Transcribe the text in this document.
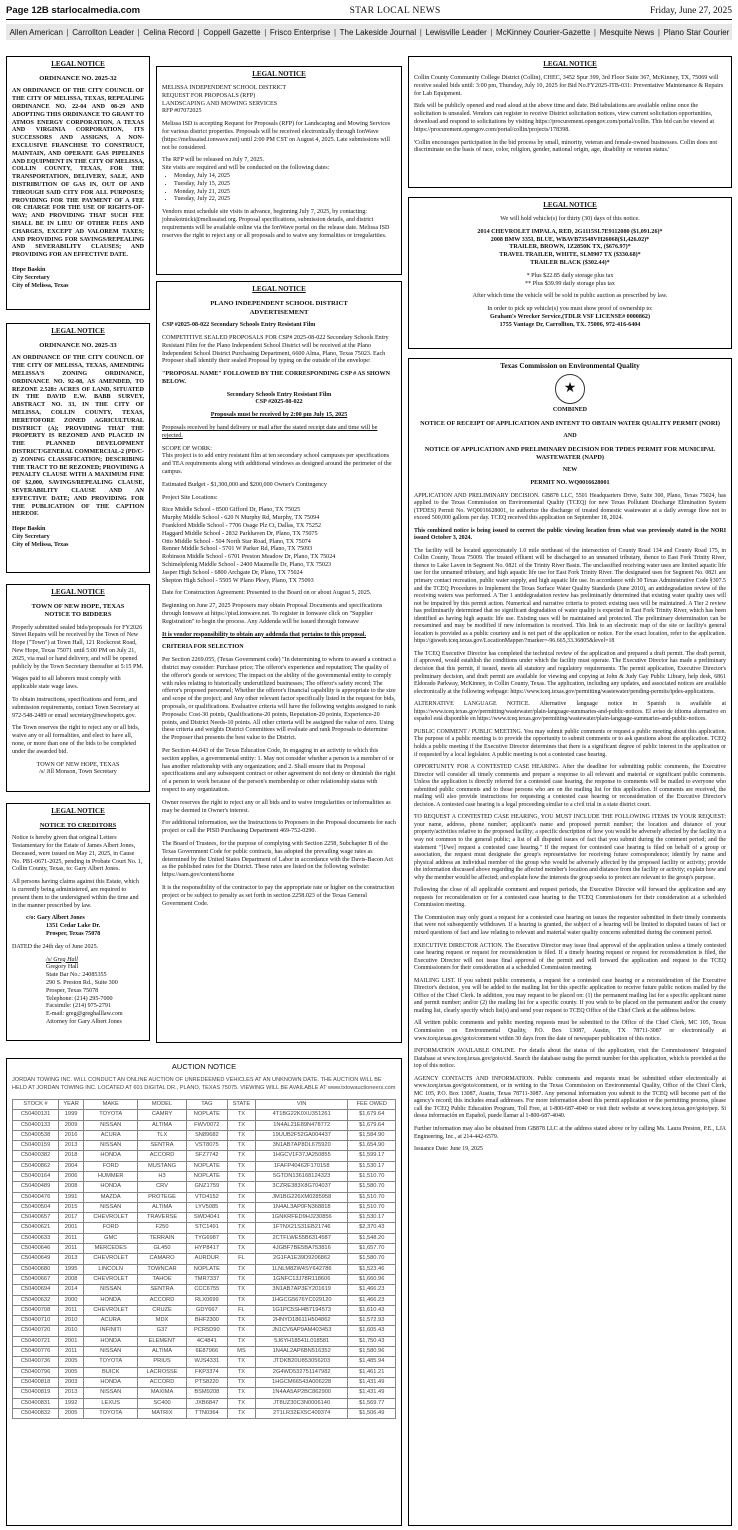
Page 12B starlocalmedia.com	STAR LOCAL NEWS	Friday, June 27, 2025
Allen American | Carrollton Leader | Celina Record | Coppell Gazette | Frisco Enterprise | The Lakeside Journal | Lewisville Leader | McKinney Courier-Gazette | Mesquite News | Plano Star Courier
LEGAL NOTICE
ORDINANCE NO. 2025-32
AN ORDINANCE OF THE CITY COUNCIL OF THE CITY OF MELISSA, TEXAS, REPEALING ORDINANCE NO. 22-04 AND 08-29 AND ADOPTING THIS ORDINANCE TO GRANT TO ATMOS ENERGY CORPORATION, A TEXAS AND VIRGINIA CORPORATION, ITS SUCCESSORS AND ASSIGNS, A NON-EXCLUSIVE FRANCHISE TO CONSTRUCT, MAINTAIN, AND OPERATE GAS PIPELINES AND EQUIPMENT IN THE CITY OF MELISSA, COLLIN COUNTY, TEXAS, FOR THE TRANSPORTATION, DELIVERY, SALE, AND DISTRIBUTION OF GAS IN, OUT OF AND THROUGH SAID CITY FOR ALL PURPOSES; PROVIDING FOR THE PAYMENT OF A FEE OR CHARGE FOR THE USE OF RIGHTS-OF-WAY; AND PROVIDING THAT SUCH FEE SHALL BE IN LIEU OF OTHER FEES AND CHARGES, EXCEPT AD VALOREM TAXES; AND PROVIDING FOR SAVINGS/REPEALING AND SEVERABILITY CLAUSES; AND PROVIDING FOR AN EFFECTIVE DATE.
Hope Baskin
City Secretary
City of Melissa, Texas
LEGAL NOTICE
ORDINANCE NO. 2025-33
AN ORDINANCE OF THE CITY COUNCIL OF THE CITY OF MELISSA, TEXAS, AMENDING MELISSA'S ZONING ORDINANCE, ORDINANCE NO. 92-08, AS AMENDED, TO REZONE 2.528± ACRES OF LAND, SITUATED IN THE DAVID E.W. BABB SURVEY, ABSTRACT NO. 33, IN THE CITY OF MELISSA, COLLIN COUNTY, TEXAS, HERETOFORE ZONED AGRICULTURAL DISTRICT (A); PROVIDING THAT THE PROPERTY IS REZONED AND PLACED IN THE PLANNED DEVELOPMENT DISTRICT/GENERAL COMMERCIAL-2 (PD/C-2) ZONING CLASSIFICATION; DESCRIBING THE TRACT TO BE REZONED; PROVIDING A PENALTY CLAUSE WITH A MAXIMUM FINE OF $2,000, SAVINGS/REPEALING CLAUSE, SEVERABILITY CLAUSE AND AN EFFECTIVE DATE; AND PROVIDING FOR THE PUBLICATION OF THE CAPTION HEREOF.
Hope Baskin
City Secretary
City of Melissa, Texas
LEGAL NOTICE
TOWN OF NEW HOPE, TEXAS
NOTICE TO BIDDERS
Properly submitted sealed bids/proposals for FY2026 Street Repairs will be received by the Town of New Hope ("Town") at Town Hall, 121 Rockcrest Road, New Hope, Texas 75071 until 5:00 PM on July 21, 2025, via mail or hand delivery, and will be opened publicly by the Town Secretary thereafter at 5:15 PM.
Wages paid to all laborers must comply with applicable state wage laws.
To obtain instructions, specifications and form, and submission requirements, contact Town Secretary at 972-548-2489 or email secretary@newhopetx.gov.
The Town reserves the right to reject any or all bids, waive any or all formalities, and elect to have all, none, or more than one of the bids to be completed under the awarded bid.
TOWN OF NEW HOPE, TEXAS
/s/ Jill Monson, Town Secretary
LEGAL NOTICE
NOTICE TO CREDITORS
Notice is hereby given that original Letters Testamentary for the Estate of James Albert Jones, Deceased, were issued on May 21, 2025, in Cause No. PB1-0671-2025, pending in Probate Court No. 1, Collin County, Texas, to: Gary Albert Jones.
All persons having claims against this Estate, which is currently being administered, are required to present them to the undersigned within the time and in the manner prescribed by law.
c/o: Gary Albert Jones
1351 Cedar Lake Dr.
Prosper, Texas 75078
DATED the 24th day of June 2025.
/s/ Greg Hall
Gregory Hall
State Bar No.: 24085355
290 S. Preston Rd., Suite 300
Prosper, Texas 75078
Telephone: (214) 295-7000
Facsimile: (214) 975-2791
E-mail: greg@greghalllaw.com
Attorney for Gary Albert Jones
LEGAL NOTICE
MELISSA INDEPENDENT SCHOOL DISTRICT
REQUEST FOR PROPOSALS (RFP)
LANDSCAPING AND MOWING SERVICES
RFP #07072025
Melissa ISD is accepting Request for Proposals (RFP) for Landscaping and Mowing Services for various district properties. Proposals will be received electronically through IonWave (https://melissaisd.ionwave.net) until 2:00 PM CST on August 4, 2025. Late submissions will not be considered.
The RFP will be released on July 7, 2025.
Site visits are required and will be conducted on the following dates:
• Monday, July 14, 2025
• Tuesday, July 15, 2025
• Monday, July 21, 2025
• Tuesday, July 22, 2025
Vendors must schedule site visits in advance, beginning July 7, 2025, by contacting: johnskotnicki@melissaisd.org. Proposal specifications, submission details, and district requirements will be available online via the IonWave portal on the release date. Melissa ISD reserves the right to reject any or all proposals and to waive any formalities or irregularities.
LEGAL NOTICE
PLANO INDEPENDENT SCHOOL DISTRICT
ADVERTISEMENT
CSP #2025-08-022 Secondary Schools Entry Resistant Film
COMPETITIVE SEALED PROPOSALS FOR CSP# 2025-08-022 Secondary Schools Entry Resistant Film for the Plano Independent School District will be received at the Plano Independent School District Purchasing Department, 6600 Alma, Plano, Texas 75023. Each Proposer shall identify their sealed Proposal by typing on the outside of the envelope:
"PROPOSAL NAME" FOLLOWED BY THE CORRESPONDING CSP # AS SHOWN BELOW.
Secondary Schools Entry Resistant Film
CSP #2025-08-022
Proposals must be received by 2:00 pm July 15, 2025
Proposals received by hand delivery or mail after the stated receipt date and time will be rejected.
SCOPE OF WORK:
This project is to add entry resistant film at ten secondary school campuses per specifications and TEA requirements along with additional windows as designed around the perimeter of the campus.
Estimated Budget - $1,300,000 and $200,000 Owner's Contingency
Project Site Locations:
Rice Middle School - 8500 Gifford Dr, Plano, TX 75025
Murphy Middle School - 620 N Murphy Rd, Murphy, TX 75094
Frankford Middle School - 7706 Osage Plz Ct, Dallas, TX 75252
Haggard Middle School - 2832 Parkhaven Dr, Plano, TX 75075
Otto Middle School - 504 North Star Road, Plano, TX 75074
Renner Middle School - 5701 W Parker Rd, Plano, TX 75093
Robinson Middle School - 6701 Preston Meadow Dr, Plano, TX 75024
Schimelpfenig Middle School - 2400 Maumelle Dr, Plano, TX 75023
Jasper High School - 6800 Archgate Dr, Plano, TX 75024
Shepton High School - 5505 W Plano Pkwy, Plano, TX 75093
Date for Construction Agreement: Presented to the Board on or about August 5, 2025.
Beginning on June 27, 2025 Proposers may obtain Proposal Documents and specifications through Ionwave at https://pisd.ionwave.net. To register in Ionwave click on "Supplier Registration" to begin the process. Any Addenda will be issued through Ionwave
It is vendor responsibility to obtain any addenda that pertains to this proposal.
CRITERIA FOR SELECTION
Per Section 2269.055, (Texas Government code) "In determining to whom to award a contract a district may consider: Purchase price; The offeror's experience and reputation; The quality of the offeror's goods or services; The impact on the ability of the governmental entity to comply with rules relating to historically underutilized businesses; The offeror's safety record; The offeror's proposed personnel; Whether the offeror's financial capability is appropriate to the size and scope of the project; and Any other relevant factor specifically listed in the request for bids, proposals, or qualifications. Evaluative criteria will have the following weights assigned to rank Proposals: Cost-30 points, Qualifications-20 points, Reputation-20 points, Experience-20 points, and District Needs-10 points. All other criteria will be assigned the value of zero. Using these criteria and weights District Committees will evaluate and rank Proposals to determine the Proposer that presents the best value to the District.
Per Section 44.043 of the Texas Education Code, In engaging in an activity to which this section applies, a governmental entity: 1. May not consider whether a person is a member of or has another relationship with any organization; and 2. Shall ensure that its Proposal specifications and any subsequent contract or other agreement do not deny or diminish the right of a person to work because of the person's membership or other relationship status with respect to any organization.
Owner reserves the right to reject any or all bids and to waive irregularities or informalities as may be deemed in Owner's interest.
For additional information, see the Instructions to Proposers in the Proposal documents for each project or call the PISD Purchasing Department 469-752-0290.
The Board of Trustees, for the purpose of complying with Section 2258, Subchapter B of the Texas Government Code for public contracts, has adopted the prevailing wage rates as determined by the United States Department of Labor in accordance with the Davis-Bacon Act as the published rates for the District. These rates are listed on the following website: https://sam.gov/content/home
It is the responsibility of the contractor to pay the appropriate rate or higher on the construction project or be subject to penalty as set forth in section 2258.023 of the Texas General Government Code.
AUCTION NOTICE
JORDAN TOWING INC. WILL CONDUCT AN ONLINE AUCTION OF UNREDEEMED VEHICLES AT AN UNKNOWN DATE. THE AUCTION WILL BE HELD AT JORDAN TOWING INC. LOCATED AT 601 DIGITAL DR., PLANO, TEXAS 75075. VIEWING WILL BE AVAILABLE AT www.txtowauctioneers.com
STOCK #	YEAR	MAKE	MODEL	TAG	STATE	VIN	FEE OWED
C50400131	1999	TOYOTA	CAMRY	NOPLATE	TX	4T1BG22K0XU351261	$1,679.64
C50400133	2009	NISSAN	ALTIMA	FWV0072	TX	1N4AL21E89N478772	$1,679.64
C50400538	2016	ACURA	TLX	SN89682	TX	19UUB2F52GA004437	$1,584.90
C50400159	2013	NISSAN	SENTRA	VST8075	TX	3N1AB7AP8DL675920	$1,654.90
C50400382	2018	HONDA	ACCORD	SFZ7742	TX	1HGCV1F37JA250855	$1,599.17
C50400862	2004	FORD	MUSTANG	NOPLATE	TX	1FAFP40462F170158	$1,530.17
C50400164	2006	HUMMER	H3	NOPLATE	TX	5GTDN136168124323	$1,510.70
C50400489	2008	HONDA	CRV	GNZ1759	TX	3CZRE383X8G704037	$1,580.70
C50400476	1991	MAZDA	PROTEGE	VTD4152	TX	JM1BG226XM0285958	$1,510.70
C50400504	2015	NISSAN	ALTIMA	LYV5085	TX	1N4AL3AP0FN368818	$1,510.70
C50400657	2017	CHEVROLET	TRAVERSE	SWD4041	TX	1GNKRFED9HJ230856	$1,530.17
C50400621	2001	FORD	F250	STC1491	TX	1FTNX21S31EB21746	$2,370.43
C50400633	2011	GMC	TERRAIN	TYG6987	TX	2CTFLWE55B6314587	$1,548.20
C50400646	2011	MERCEDES	GL450	HYP8417	TX	4JGBF7BE5BA753816	$1,657.70
C50400649	2013	CHEVROLET	CAMARO	AURDUR	FL	2G1FA1E39D9206862	$1,580.70
C50400680	1995	LINCOLN	TOWNCAR	NOPLATE	TX	1LNLM82W4SY642786	$1,523.46
C50400667	2008	CHEVROLET	TAHOE	TMR7337	TX	1GNFC13J78R118606	$1,660.96
C50400694	2014	NISSAN	SENTRA	CCC6755	TX	3N1AB7AP3EY201619	$1,466.23
C50400632	2000	HONDA	ACCORD	RLX0699	TX	1HGCG5676YC029120	$1,466.23
C50400708	2011	CHEVROLET	CRUZE	GDY667	FL	1G1PC5SH4B7194573	$1,610.43
C50400710	2010	ACURA	MDX	BHF2300	TX	2HNYD18611H504862	$1,572.93
C50400720	2010	INFINITI	G37	PCR5D90	TX	JN1CV6AP9AM403453	$1,605.43
C50400721	2001	HONDA	ELEMENT	4C4841	TX	5J6YH18541L018581	$1,750.43
C50400776	2011	NISSAN	ALTIMA	6E87966	MS	1N4AL2AP6BN516352	$1,580.96
C50400736	2005	TOYOTA	PRIUS	WJS4331	TX	JTDKB20U853056203	$1,485.94
C50400796	2005	BUICK	LACROSSE	FKP3374	TX	2G4WD532751147982	$1,461.21
C50400818	2003	HONDA	ACCORD	PTS8220	TX	1HGCM66543A006228	$1,431.49
C50400819	2013	NISSAN	MAXIMA	BSM9208	TX	1N4AA5AP2BC862900	$1,431.49
C50400831	1992	LEXUS	SC400	JXB6847	TX	JT8UZ30C3N0006140	$1,569.77
C50400832	2005	TOYOTA	MATRIX	TTN0364	TX	2T1LR32EX5C409374	$1,506.49
LEGAL NOTICE
Collin County Community College District (Collin), CHEC, 3452 Spur 399, 3rd Floor Suite 367, McKinney, TX, 75069 will receive sealed bids until: 3:00 pm, Thursday, July 10, 2025 for Bid No.FY2025-ITB-031: Preventative Maintenance & Repairs for Lab Equipment.
Bids will be publicly opened and read aloud at the above time and date. Bid tabulations are available online once the solicitation is unsealed. Vendors can register to receive District solicitation notices, view current solicitation opportunities, download and respond to solicitations by visiting https://procurement.opengov.com/portal/collin. This bid can be viewed at https://procurement.opengov.com/portal/collin/projects/178398.
'Collin encourages participation in the bid process by small, minority, veteran and female-owned businesses. Collin does not discriminate on the basis of race, color, religion, gender, national origin, age, disability or veteran status.'
LEGAL NOTICE
We will hold vehicle(s) for thirty (30) days of this notice.
2014 CHEVROLET IMPALA, RED, 2G1115SL7E9112080 ($1,091.26)*
2008 BMW 335I, BLUE, WBAVB73548VH26068($1,426.02)*
TRAILER, BROWN, 1Z2850K TX, ($676.97)*
TRAVEL TRAILER, WHITE, SLM907 TX ($330.68)*
TRAILER BLACK ($302.44)*
* Plus $22.85 daily storage plus tax
** Plus $39.99 daily storage plus tax
After which time the vehicle will be sold in public auction as prescribed by law.
In order to pick up vehicle(s) you must show proof of ownership to:
Graham's Wrecker Service,(TDLR VSF LICENSE# 0000862)
1755 Vantage Dr, Carrollton, TX. 75006, 972-416-6404
Texas Commission on Environmental Quality
★
COMBINED
NOTICE OF RECEIPT OF APPLICATION AND INTENT TO OBTAIN WATER QUALITY PERMIT (NORI)
AND
NOTICE OF APPLICATION AND PRELIMINARY DECISION FOR TPDES PERMIT FOR MUNICIPAL WASTEWATER (NAPD)
NEW
PERMIT NO. WQ0016628001
APPLICATION AND PRELIMINARY DECISION. GB878 LLC, 5501 Headquarters Drive, Suite 300, Plano, Texas 75024, has applied to the Texas Commission on Environmental Quality (TCEQ) for new Texas Pollutant Discharge Elimination System (TPDES) Permit No. WQ0016628001, to authorize the discharge of treated domestic wastewater at a daily average flow not to exceed 500,000 gallons per day. TCEQ received this application on September 18, 2024.
This combined notice is being issued to correct the public viewing location from what was previously stated in the NORI issued October 3, 2024.
The facility will be located approximately 1.0 mile northeast of the intersection of County Road 134 and County Road 175, in Collin County, Texas 75009. The treated effluent will be discharged to an unnamed tributary, thence to East Fork Trinity River, thence to Lake Lavon in Segment No. 0821 of the Trinity River Basin. The unclassified receiving water uses are limited aquatic life use for the unnamed tributary, and high aquatic life use for East Fork Trinity River. The designated uses for Segment No. 0821 are primary contact recreation, public water supply, and high aquatic life use. In accordance with 30 Texas Administrative Code §307.5 and the TCEQ Procedures to Implement the Texas Surface Water Quality Standards (June 2010), an antidegradation review of the receiving waters was performed. A Tier 1 antidegradation review has preliminarily determined that existing water quality uses will not be impaired by this permit action. Numerical and narrative criteria to protect existing uses will be maintained. A Tier 2 review has preliminarily determined that no significant degradation of water quality is expected in East Fork Trinity River, which has been identified as having high aquatic life use. Existing uses will be maintained and protected. The preliminary determination can be reexamined and may be modified if new information is received. This link to an electronic map of the site or facility's general location is provided as a public courtesy and is not part of the application or notice. For the exact location, refer to the application. https://gisweb.tceq.texas.gov/LocationMapper/?marker=-96.665,33.36805&level=18
The TCEQ Executive Director has completed the technical review of the application and prepared a draft permit. The draft permit, if approved, would establish the conditions under which the facility must operate. The Executive Director has made a preliminary decision that this permit, if issued, meets all statutory and regulatory requirements. The permit application, Executive Director's preliminary decision, and draft permit are available for viewing and copying at John & Judy Gay Public Library, help desk, 6861 Eldorado Parkway, McKinney, in Collin County, Texas. The application, including any updates, and associated notices are available electronically at the following webpage: https://www.tceq.texas.gov/permitting/wastewater/pending-permits/tpdes-applications.
ALTERNATIVE LANGUAGE NOTICE. Alternative language notice in Spanish is available at https://www.tceq.texas.gov/permitting/wastewater/plain-language-summaries-and-public-notices. El aviso de idioma alternativo en español está disponible en https://www.tceq.texas.gov/permitting/wastewater/plain-language-summaries-and-public-notices.
PUBLIC COMMENT / PUBLIC MEETING. You may submit public comments or request a public meeting about this application. The purpose of a public meeting is to provide the opportunity to submit comments or to ask questions about the application. TCEQ holds a public meeting if the Executive Director determines that there is a significant degree of public interest in the application or if requested by a local legislator. A public meeting is not a contested case hearing.
OPPORTUNITY FOR A CONTESTED CASE HEARING. After the deadline for submitting public comments, the Executive Director will consider all timely comments and prepare a response to all relevant and material or significant public comments. Unless the application is directly referred for a contested case hearing, the response to comments will be mailed to everyone who submitted public comments and to those persons who are on the mailing list for this application. If comments are received, the mailing will also provide instructions for requesting a contested case hearing or reconsideration of the Executive Director's decision. A contested case hearing is a legal proceeding similar to a civil trial in a state district court.
TO REQUEST A CONTESTED CASE HEARING, YOU MUST INCLUDE THE FOLLOWING ITEMS IN YOUR REQUEST: your name, address, phone number; applicant's name and proposed permit number; the location and distance of your property/activities relative to the proposed facility; a specific description of how you would be adversely affected by the facility in a way not common to the general public; a list of all disputed issues of fact that you submit during the comment period; and the statement "[I/we] request a contested case hearing." If the request for contested case hearing is filed on behalf of a group or association, the request must designate the group's representative for receiving future correspondence; identify by name and physical address an individual member of the group who would be adversely affected by the proposed facility or activity; provide the information discussed above regarding the affected member's location and distance from the facility or activity; explain how and why the member would be affected; and explain how the interests the group seeks to protect are relevant to the group's purpose.
Following the close of all applicable comment and request periods, the Executive Director will forward the application and any requests for reconsideration or for a contested case hearing to the TCEQ Commissioners for their consideration at a scheduled Commission meeting.
The Commission may only grant a request for a contested case hearing on issues the requestor submitted in their timely comments that were not subsequently withdrawn. If a hearing is granted, the subject of a hearing will be limited to disputed issues of fact or mixed questions of fact and law relating to relevant and material water quality concerns submitted during the comment period.
EXECUTIVE DIRECTOR ACTION. The Executive Director may issue final approval of the application unless a timely contested case hearing request or request for reconsideration is filed. If a timely hearing request or request for reconsideration is filed, the Executive Director will not issue final approval of the permit and will forward the application and request to the TCEQ Commissioners for their consideration at a scheduled Commission meeting.
MAILING LIST. If you submit public comments, a request for a contested case hearing or a reconsideration of the Executive Director's decision, you will be added to the mailing list for this specific application to receive future public notices mailed by the Office of the Chief Clerk. In addition, you may request to be placed on: (1) the permanent mailing list for a specific applicant name and permit number; and/or (2) the mailing list for a specific county. If you wish to be placed on the permanent and/or the county mailing list, clearly specify which list(s) and send your request to TCEQ Office of the Chief Clerk at the address below.
All written public comments and public meeting requests must be submitted to the Office of the Chief Clerk, MC 105, Texas Commission on Environmental Quality, P.O. Box 13087, Austin, TX 78711-3087 or electronically at www.tceq.texas.gov/goto/comment within 30 days from the date of newspaper publication of this notice.
INFORMATION AVAILABLE ONLINE. For details about the status of the application, visit the Commissioners' Integrated Database at www.tceq.texas.gov/goto/cid. Search the database using the permit number for this application, which is provided at the top of this notice.
AGENCY CONTACTS AND INFORMATION. Public comments and requests must be submitted either electronically at www.tceq.texas.gov/goto/comment, or in writing to the Texas Commission on Environmental Quality, Office of the Chief Clerk, MC 105, P.O. Box 13087, Austin, Texas 78711-3087. Any personal information you submit to the TCEQ will become part of the agency's record; this includes email addresses. For more information about this permit application or the permitting process, please call the TCEQ Public Education Program, Toll Free, at 1-800-687-4040 or visit their website at www.tceq.texas.gov/goto/pep. Si desea información en Español, puede llamar al 1-800-687-4040.
Further information may also be obtained from GB878 LLC at the address stated above or by calling Ms. Laura Preston, P.E., LJA Engineering, Inc., at 214-442-6579.
Issuance Date: June 19, 2025
